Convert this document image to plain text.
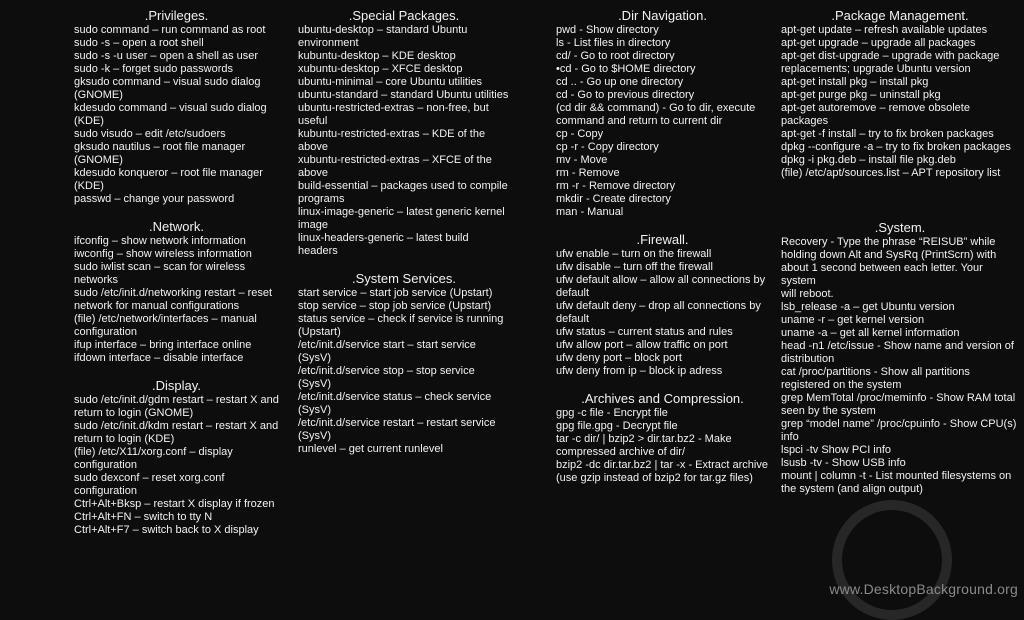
.Privileges.
sudo command – run command as root
sudo -s – open a root shell
sudo -s -u user – open a shell as user
sudo -k – forget sudo passwords
gksudo command – visual sudo dialog (GNOME)
kdesudo command – visual sudo dialog (KDE)
sudo visudo – edit /etc/sudoers
gksudo nautilus – root file manager (GNOME)
kdesudo konqueror – root file manager (KDE)
passwd – change your password
.Network.
ifconfig – show network information
iwconfig – show wireless information
sudo iwlist scan – scan for wireless networks
sudo /etc/init.d/networking restart – reset
network for manual configurations
(file) /etc/network/interfaces – manual configuration
ifup interface – bring interface online
ifdown interface – disable interface
.Display.
sudo /etc/init.d/gdm restart – restart X and
return to login (GNOME)
sudo /etc/init.d/kdm restart – restart X and
return to login (KDE)
(file) /etc/X11/xorg.conf – display configuration
sudo dexconf – reset xorg.conf configuration
Ctrl+Alt+Bksp – restart X display if frozen
Ctrl+Alt+FN – switch to tty N
Ctrl+Alt+F7 – switch back to X display
.Special Packages.
ubuntu-desktop – standard Ubuntu environment
kubuntu-desktop – KDE desktop
xubuntu-desktop – XFCE desktop
ubuntu-minimal – core Ubuntu utilities
ubuntu-standard – standard Ubuntu utilities
ubuntu-restricted-extras – non-free, but useful
kubuntu-restricted-extras – KDE of the above
xubuntu-restricted-extras – XFCE of the above
build-essential – packages used to compile
programs
linux-image-generic – latest generic kernel
image
linux-headers-generic – latest build headers
.System Services.
start service – start job service (Upstart)
stop service – stop job service (Upstart)
status service – check if service is running
(Upstart)
/etc/init.d/service start – start service (SysV)
/etc/init.d/service stop – stop service (SysV)
/etc/init.d/service status – check service (SysV)
/etc/init.d/service restart – restart service
(SysV)
runlevel – get current runlevel
.Dir Navigation.
pwd - Show directory
ls - List files in directory
cd/ - Go to root directory
•cd - Go to $HOME directory
cd .. - Go up one directory
cd - Go to previous directory
(cd dir && command) - Go to dir, execute command and return to current dir
cp - Copy
cp -r - Copy directory
mv - Move
rm - Remove
rm -r - Remove directory
mkdir - Create directory
man - Manual
.Firewall.
ufw enable – turn on the firewall
ufw disable – turn off the firewall
ufw default allow – allow all connections by
default
ufw default deny – drop all connections by
default
ufw status – current status and rules
ufw allow port – allow traffic on port
ufw deny port – block port
ufw deny from ip – block ip adress
.Archives and Compression.
gpg -c file - Encrypt file
gpg file.gpg - Decrypt file
tar -c dir/ | bzip2 > dir.tar.bz2 - Make compressed archive of dir/
bzip2 -dc dir.tar.bz2 | tar -x - Extract archive (use gzip instead of bzip2 for tar.gz files)
.Package Management.
apt-get update – refresh available updates
apt-get upgrade – upgrade all packages
apt-get dist-upgrade – upgrade with package
replacements; upgrade Ubuntu version
apt-get install pkg – install pkg
apt-get purge pkg – uninstall pkg
apt-get autoremove – remove obsolete packages
apt-get -f install – try to fix broken packages
dpkg --configure -a – try to fix broken packages
dpkg -i pkg.deb – install file pkg.deb
(file) /etc/apt/sources.list – APT repository list
.System.
Recovery - Type the phrase “REISUB” while holding down Alt and SysRq (PrintScrn) with
about 1 second between each letter. Your system
will reboot.
lsb_release -a – get Ubuntu version
uname -r – get kernel version
uname -a – get all kernel information
head -n1 /etc/issue - Show name and version of distribution
cat /proc/partitions - Show all partitions registered on the system
grep MemTotal /proc/meminfo - Show RAM total seen by the system
grep “model name” /proc/cpuinfo - Show CPU(s) info
lspci -tv Show PCI info
lsusb -tv - Show USB info
mount | column -t - List mounted filesystems on the system (and align output)
www.DesktopBackground.org
